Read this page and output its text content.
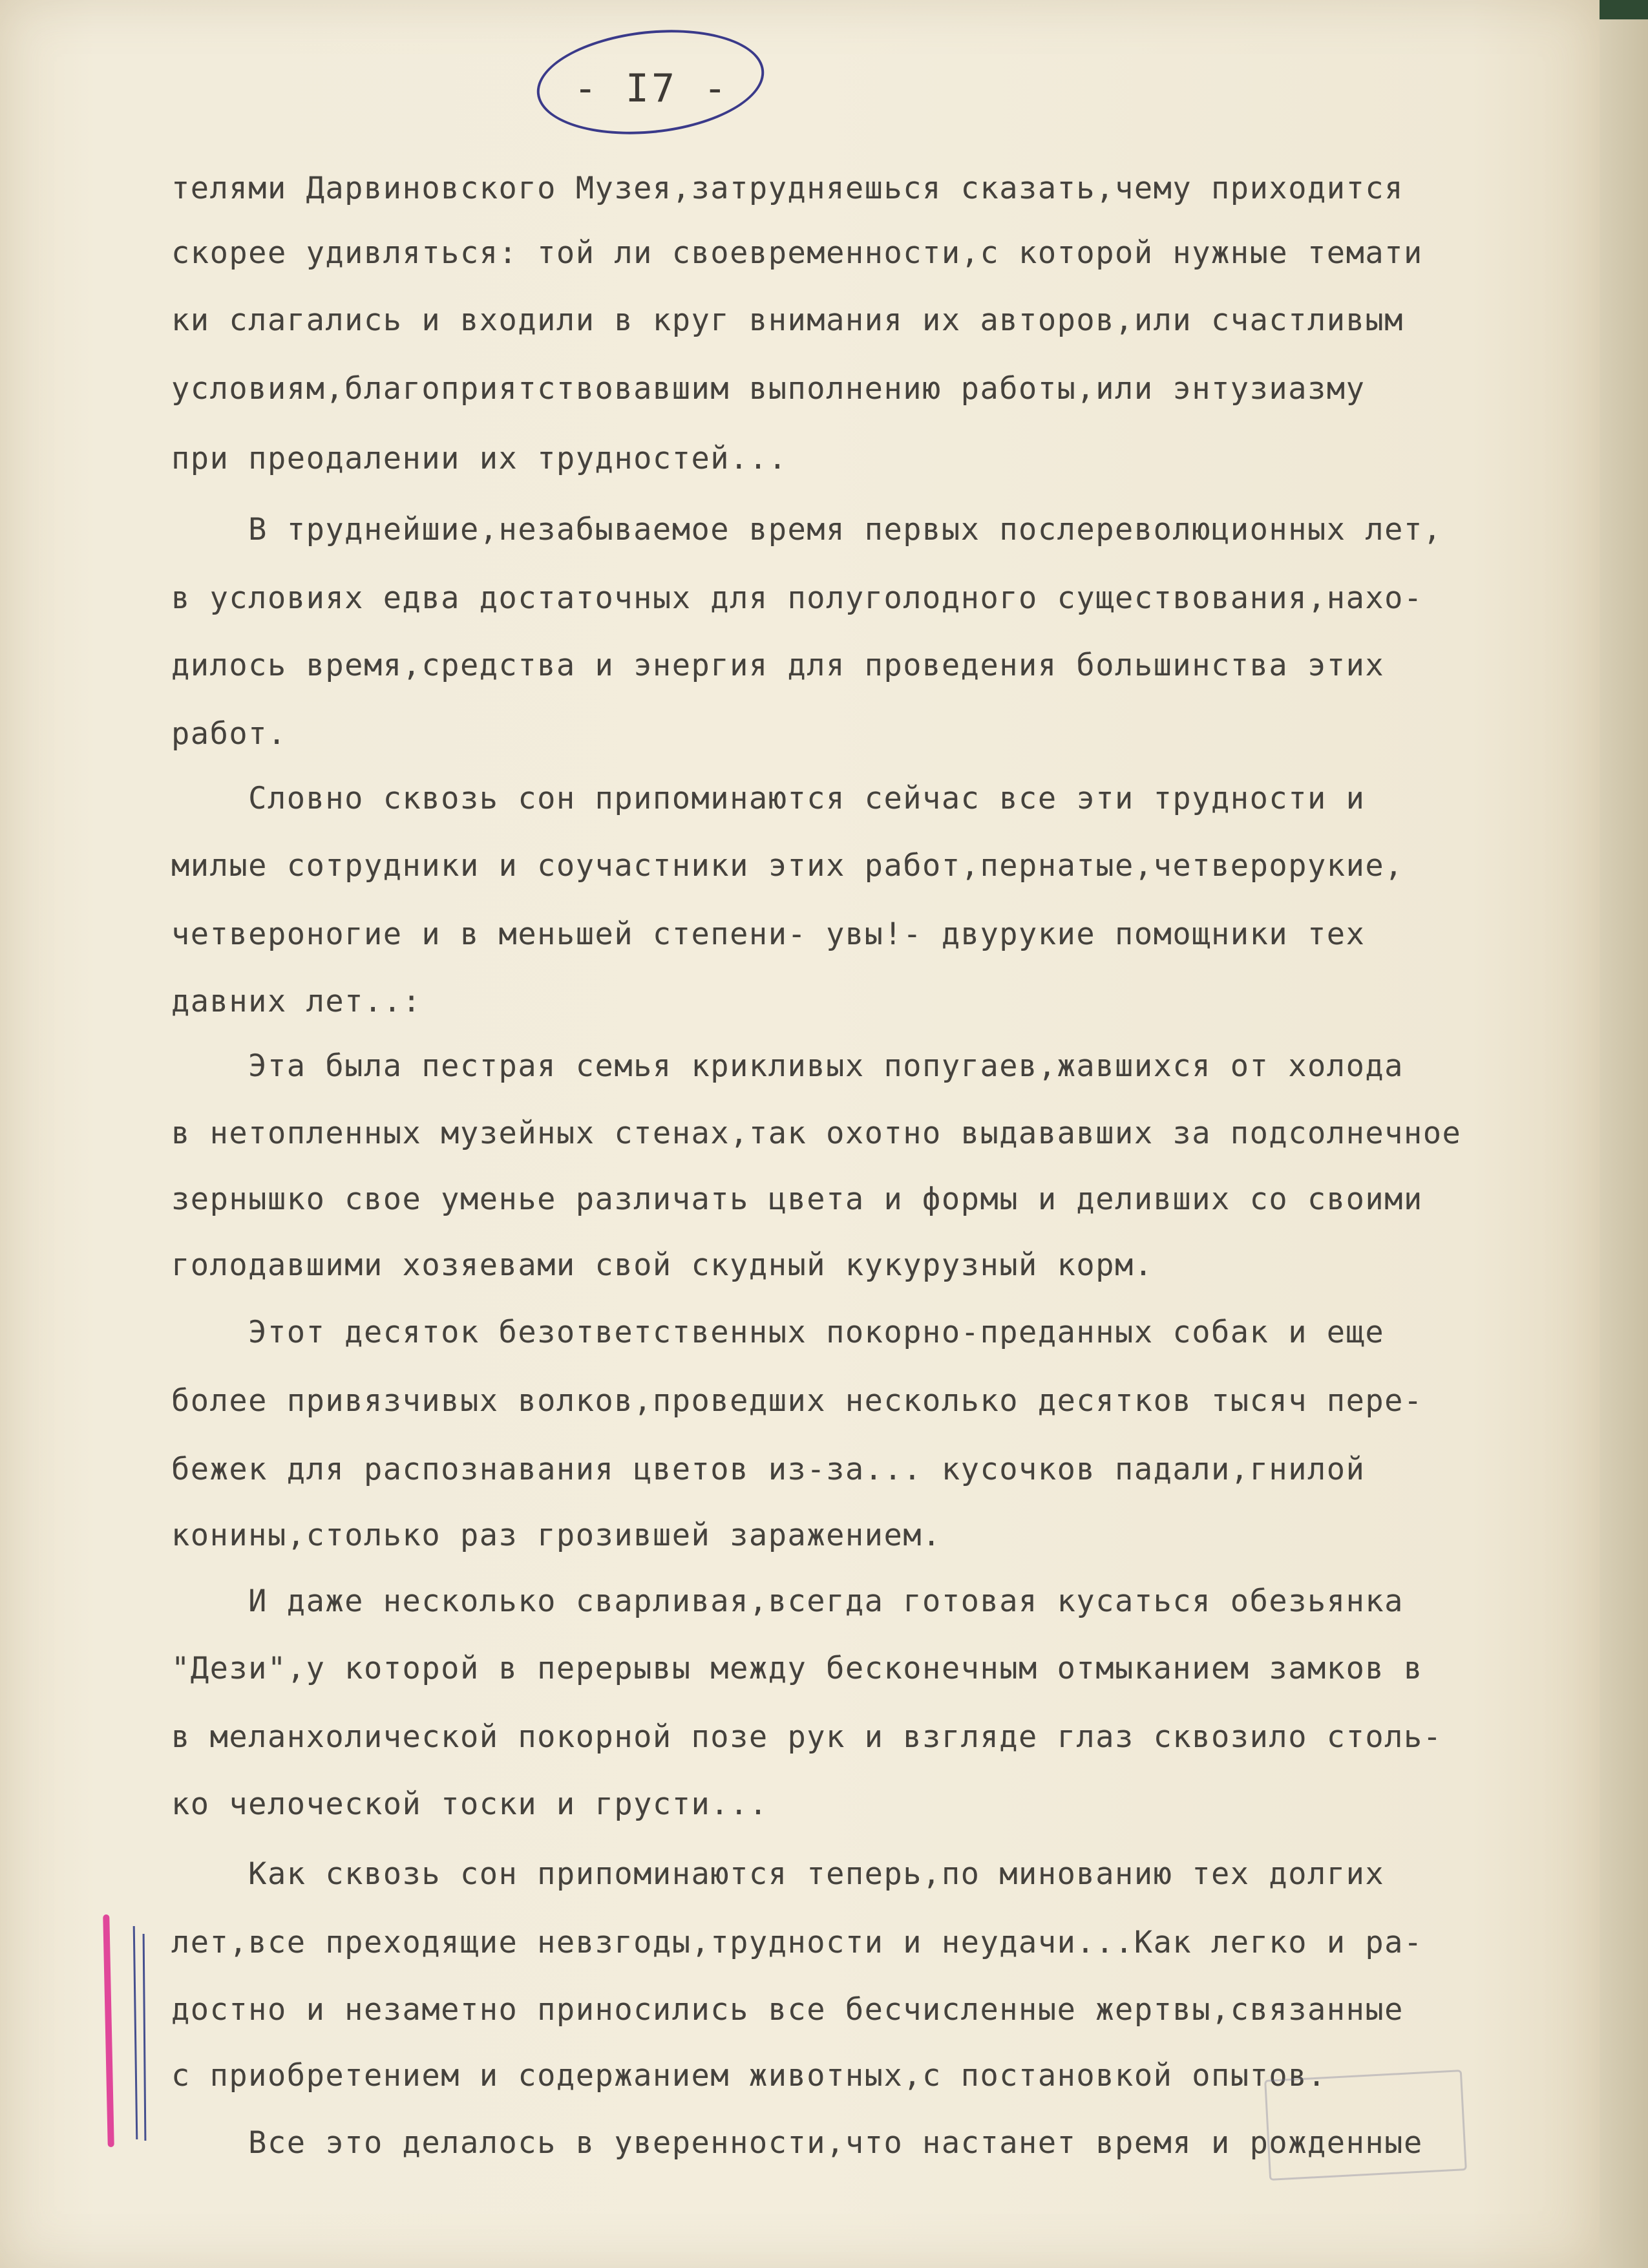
- I7 -
телями Дарвиновского Музея,затрудняешься сказать,чему приходится
скорее удивляться: той ли своевременности,с которой нужные темати
ки слагались и входили в круг внимания их авторов,или счастливым
условиям,благоприятствовавшим выполнению работы,или энтузиазму
при преодалении их трудностей...
В труднейшие,незабываемое время первых послереволюционных лет,
в условиях едва достаточных для полуголодного существования,нахо-
дилось время,средства и энергия для проведения большинства этих
работ.
Словно сквозь сон припоминаются сейчас все эти трудности и
милые сотрудники и соучастники этих работ,пернатые,четверорукие,
четвероногие и в меньшей степени- увы!- двурукие помощники тех
давних лет..:
Эта была пестрая семья крикливых попугаев,жавшихся от холода
в нетопленных музейных стенах,так охотно выдававших за подсолнечное
зернышко свое уменье различать цвета и формы и деливших со своими
голодавшими хозяевами свой скудный кукурузный корм.
Этот десяток безответственных покорно-преданных собак и еще
более привязчивых волков,проведших несколько десятков тысяч пере-
бежек для распознавания цветов из-за... кусочков падали,гнилой
конины,столько раз грозившей заражением.
И даже несколько сварливая,всегда готовая кусаться обезьянка
"Дези",у которой в перерывы между бесконечным отмыканием замков в
в меланхолической покорной позе рук и взгляде глаз сквозило столь-
ко челоческой тоски и грусти...
Как сквозь сон припоминаются теперь,по минованию тех долгих
лет,все преходящие невзгоды,трудности и неудачи...Как легко и ра-
достно и незаметно приносились все бесчисленные жертвы,связанные
с приобретением и содержанием животных,с постановкой опытов.
Все это делалось в уверенности,что настанет время и рожденные
